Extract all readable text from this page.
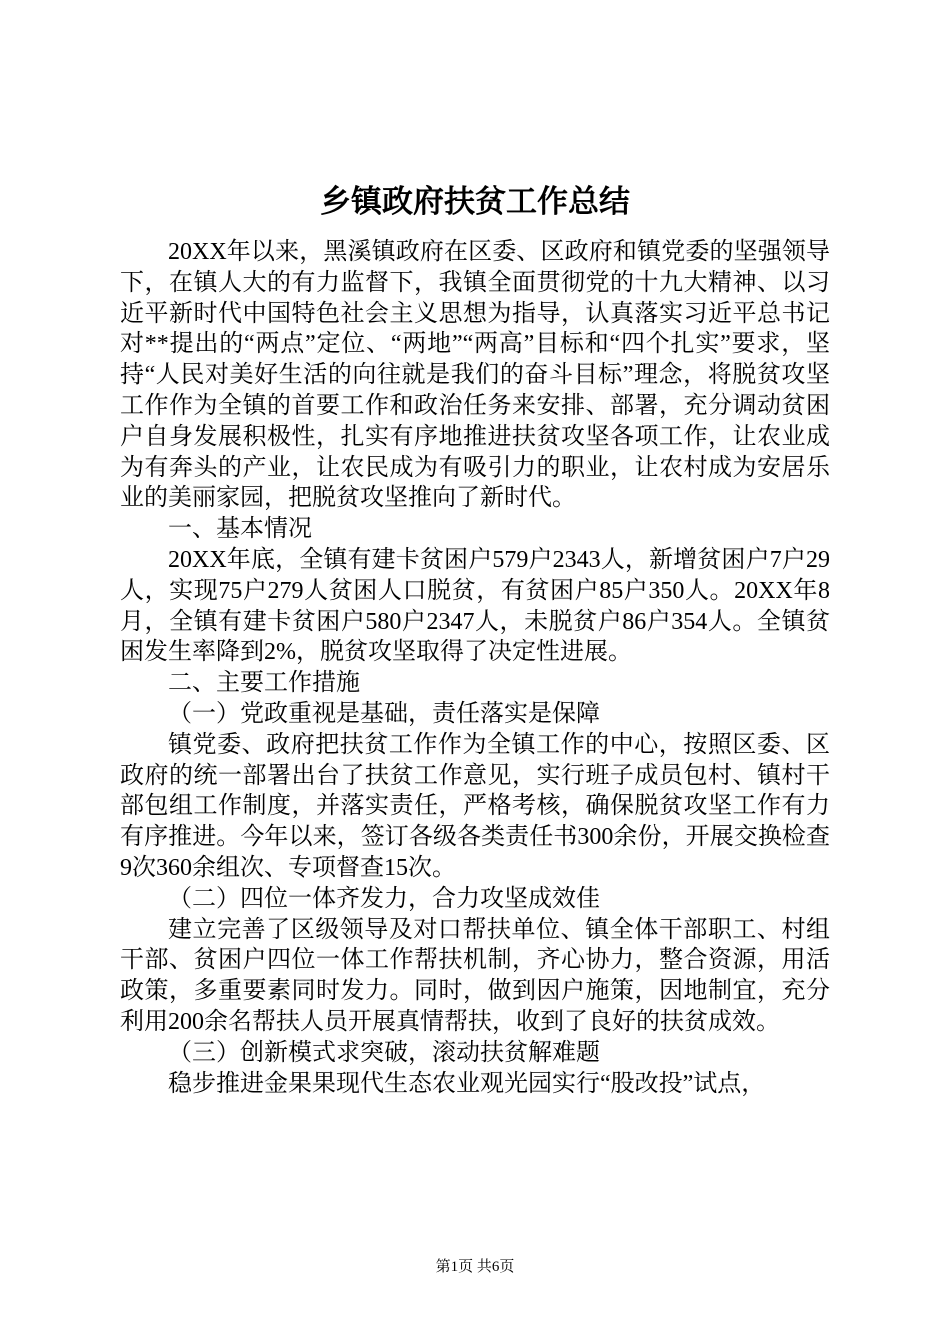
乡镇政府扶贫工作总结

20XX年以来，黑溪镇政府在区委、区政府和镇党委的坚强领导下，在镇人大的有力监督下，我镇全面贯彻党的十九大精神、以习近平新时代中国特色社会主义思想为指导，认真落实习近平总书记对**提出的“两点”定位、“两地”“两高”目标和“四个扎实”要求，坚持“人民对美好生活的向往就是我们的奋斗目标”理念，将脱贫攻坚工作作为全镇的首要工作和政治任务来安排、部署，充分调动贫困户自身发展积极性，扎实有序地推进扶贫攻坚各项工作，让农业成为有奔头的产业，让农民成为有吸引力的职业，让农村成为安居乐业的美丽家园，把脱贫攻坚推向了新时代。

一、基本情况

20XX年底，全镇有建卡贫困户579户2343人，新增贫困户7户29人，实现75户279人贫困人口脱贫，有贫困户85户350人。20XX年8月，全镇有建卡贫困户580户2347人，未脱贫户86户354人。全镇贫困发生率降到2%，脱贫攻坚取得了决定性进展。

二、主要工作措施

（一）党政重视是基础，责任落实是保障

镇党委、政府把扶贫工作作为全镇工作的中心，按照区委、区政府的统一部署出台了扶贫工作意见，实行班子成员包村、镇村干部包组工作制度，并落实责任，严格考核，确保脱贫攻坚工作有力有序推进。今年以来，签订各级各类责任书300余份，开展交换检查9次360余组次、专项督查15次。

（二）四位一体齐发力，合力攻坚成效佳

建立完善了区级领导及对口帮扶单位、镇全体干部职工、村组干部、贫困户四位一体工作帮扶机制，齐心协力，整合资源，用活政策，多重要素同时发力。同时，做到因户施策，因地制宜，充分利用200余名帮扶人员开展真情帮扶，收到了良好的扶贫成效。

（三）创新模式求突破，滚动扶贫解难题

稳步推进金果果现代生态农业观光园实行“股改投”试点，

第1页 共6页
